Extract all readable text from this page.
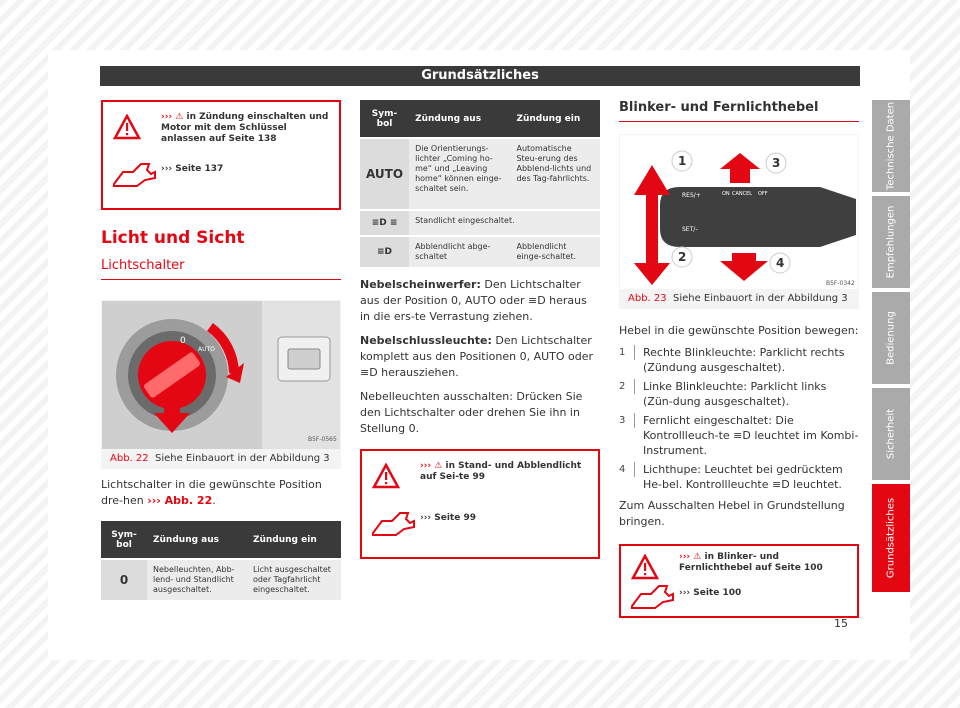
Grundsätzliches
››› ⚠ in Zündung einschalten und Motor mit dem Schlüssel anlassen auf Seite 138
››› Seite 137
Licht und Sicht
Lichtschalter
0
AUTO
B5F-0565
Abb. 22 Siehe Einbauort in der Abbildung 3

Lichtschalter in die gewünschte Position dre-hen ››› Abb. 22.

Sym-bol	Zündung aus	Zündung ein
0	Nebelleuchten, Abb-lend- und Standlicht ausgeschaltet.	Licht ausgeschaltet oder Tagfahrlicht eingeschaltet.
Sym-bol	Zündung aus	Zündung ein
AUTO	Die Orientierungs-lichter „Coming ho-me“ und „Leaving home“ können einge-schaltet sein.	Automatische Steu-erung des Abblend-lichts und des Tag-fahrlichts.
≡D ≡	Standlicht eingeschaltet.	
≡D	Abblendlicht abge-schaltet	Abblendlicht einge-schaltet.

Nebelscheinwerfer: Den Lichtschalter aus der Position 0, AUTO oder ≡D heraus in die ers-te Verrastung ziehen.

Nebelschlussleuchte: Den Lichtschalter komplett aus den Positionen 0, AUTO oder ≡D herausziehen.

Nebelleuchten ausschalten: Drücken Sie den Lichtschalter oder drehen Sie ihn in Stellung 0.

››› ⚠ in Stand- und Abblendlicht auf Sei-te 99
››› Seite 99
Blinker- und Fernlichthebel
RES/+	ON CANCEL OFF
SET/–
1
2
3
4
B5F-0342
Abb. 23 Siehe Einbauort in der Abbildung 3

Hebel in die gewünschte Position bewegen:

1	Rechte Blinkleuchte: Parklicht rechts (Zündung ausgeschaltet).
2	Linke Blinkleuchte: Parklicht links (Zün-dung ausgeschaltet).
3	Fernlicht eingeschaltet: Die Kontrollleuch-te ≡D leuchtet im Kombi-Instrument.
4	Lichthupe: Leuchtet bei gedrücktem He-bel. Kontrollleuchte ≡D leuchtet.

Zum Ausschalten Hebel in Grundstellung bringen.

››› ⚠ in Blinker- und Fernlichthebel auf Seite 100
››› Seite 100
Technische Daten
Empfehlungen
Bedienung
Sicherheit
Grundsätzliches
15
